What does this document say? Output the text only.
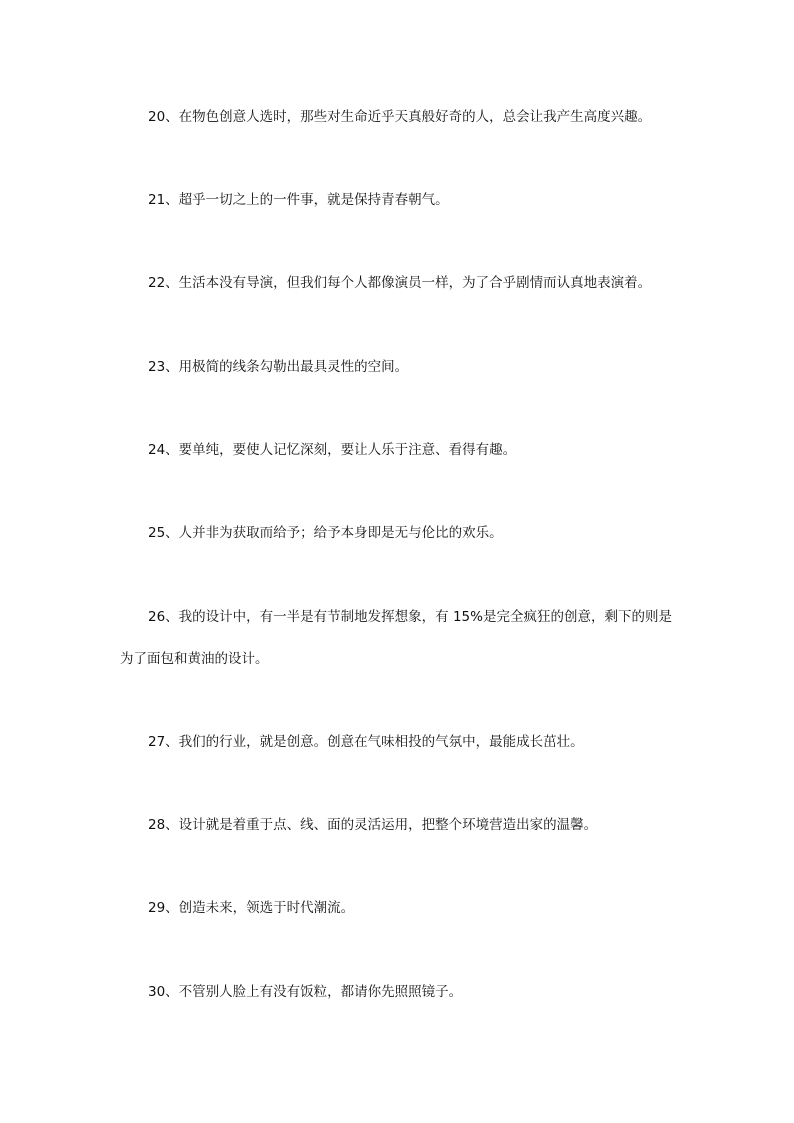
20、在物色创意人选时，那些对生命近乎天真般好奇的人，总会让我产生高度兴趣。
21、超乎一切之上的一件事，就是保持青春朝气。
22、生活本没有导演，但我们每个人都像演员一样，为了合乎剧情而认真地表演着。
23、用极简的线条勾勒出最具灵性的空间。
24、要单纯，要使人记忆深刻，要让人乐于注意、看得有趣。
25、人并非为获取而给予；给予本身即是无与伦比的欢乐。
26、我的设计中，有一半是有节制地发挥想象，有 15%是完全疯狂的创意，剩下的则是
为了面包和黄油的设计。
27、我们的行业，就是创意。创意在气味相投的气氛中，最能成长茁壮。
28、设计就是着重于点、线、面的灵活运用，把整个环境营造出家的温馨。
29、创造未来，领选于时代潮流。
30、不管别人脸上有没有饭粒，都请你先照照镜子。
